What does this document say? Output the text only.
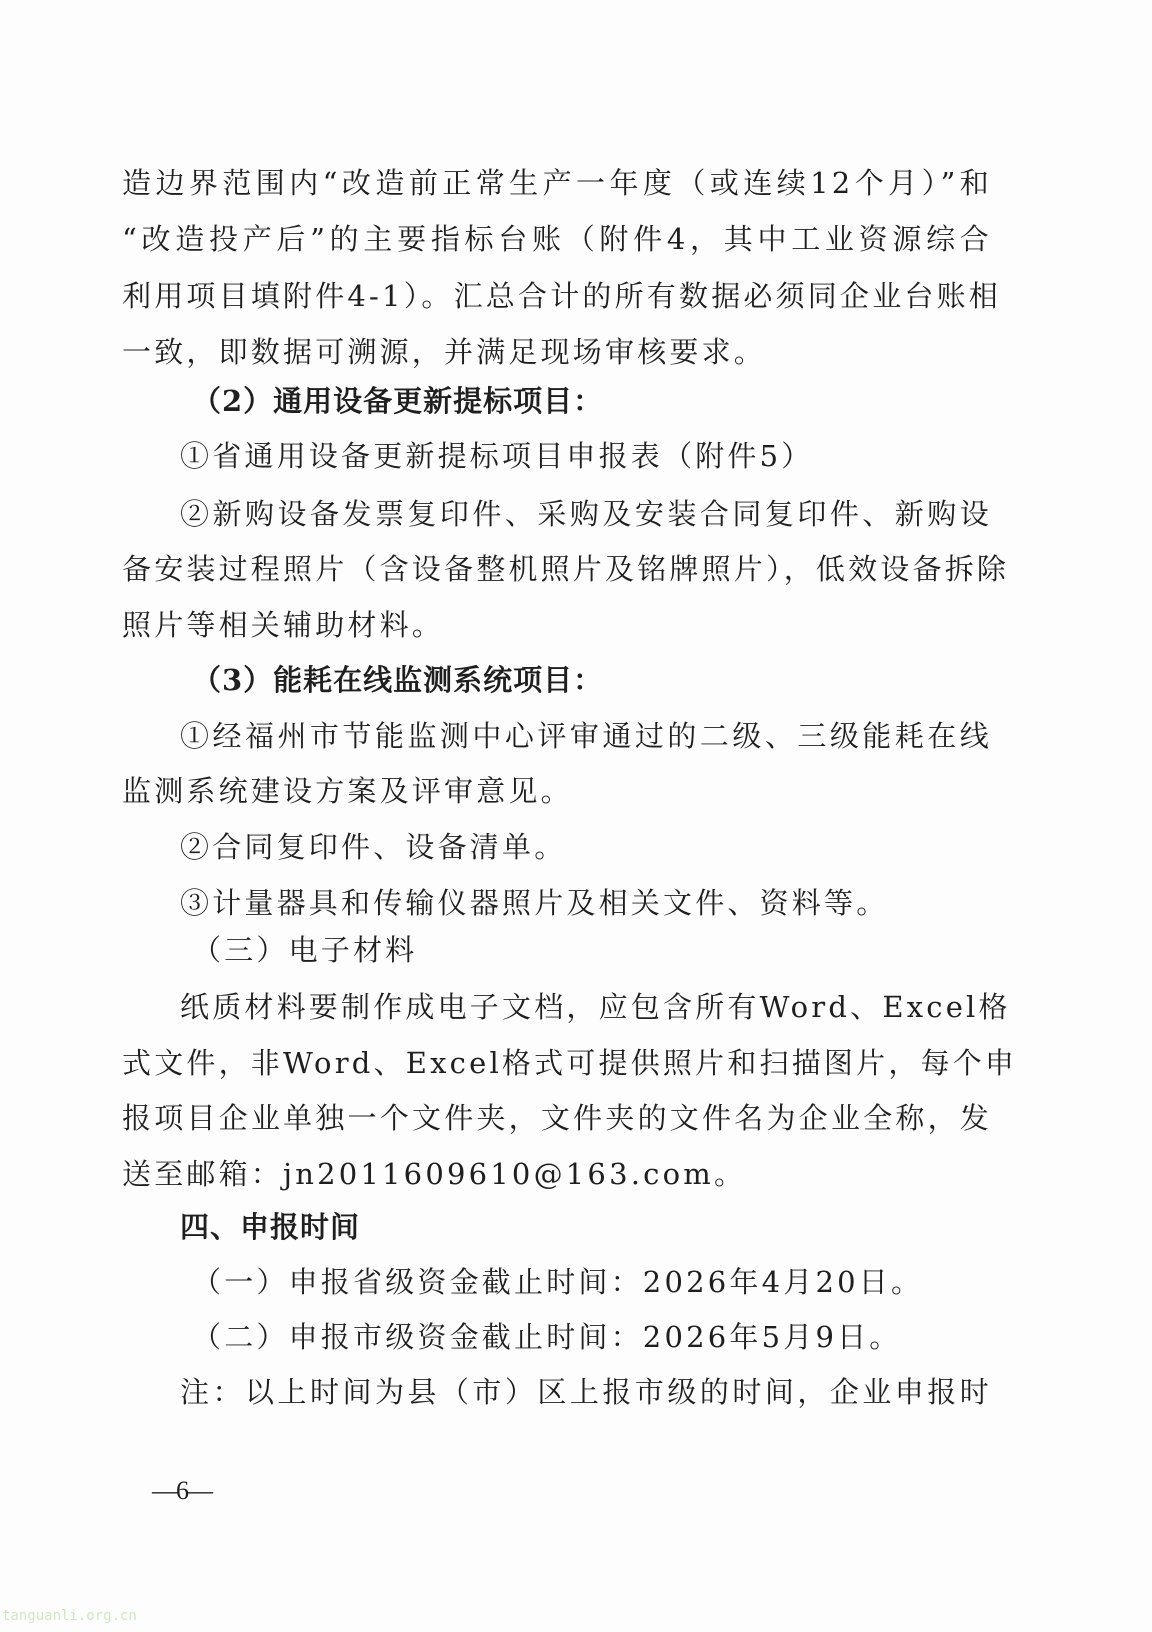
造边界范围内“改造前正常生产一年度（或连续12个月）”和
“改造投产后”的主要指标台账（附件4，其中工业资源综合
利用项目填附件4-1）。汇总合计的所有数据必须同企业台账相
一致，即数据可溯源，并满足现场审核要求。
（2）通用设备更新提标项目：
①省通用设备更新提标项目申报表（附件5）
②新购设备发票复印件、采购及安装合同复印件、新购设
备安装过程照片（含设备整机照片及铭牌照片），低效设备拆除
照片等相关辅助材料。
（3）能耗在线监测系统项目：
①经福州市节能监测中心评审通过的二级、三级能耗在线
监测系统建设方案及评审意见。
②合同复印件、设备清单。
③计量器具和传输仪器照片及相关文件、资料等。
（三）电子材料
纸质材料要制作成电子文档，应包含所有Word、Excel格
式文件，非Word、Excel格式可提供照片和扫描图片，每个申
报项目企业单独一个文件夹，文件夹的文件名为企业全称，发
送至邮箱：jn2011609610@163.com。
四、申报时间
（一）申报省级资金截止时间：2026年4月20日。
（二）申报市级资金截止时间：2026年5月9日。
注：以上时间为县（市）区上报市级的时间，企业申报时
—6—
tanguanli.org.cn
